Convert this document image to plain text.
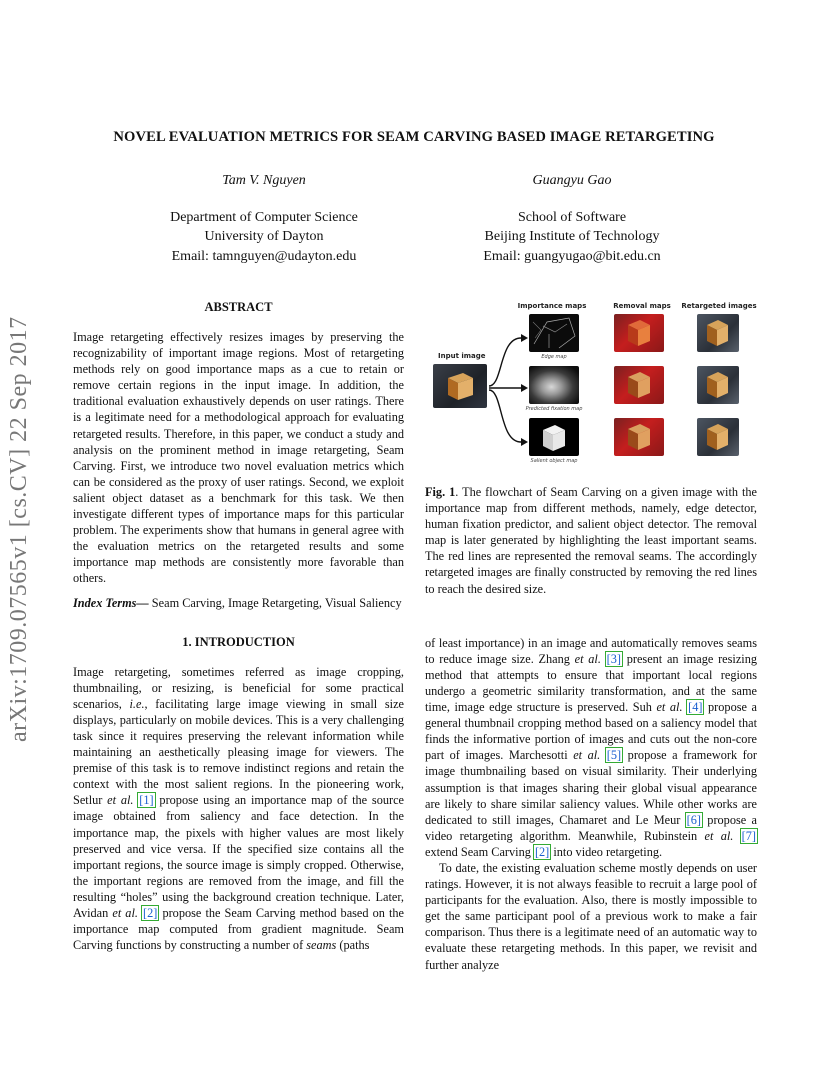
NOVEL EVALUATION METRICS FOR SEAM CARVING BASED IMAGE RETARGETING
Tam V. Nguyen
Department of Computer Science
University of Dayton
Email: tamnguyen@udayton.edu
Guangyu Gao
School of Software
Beijing Institute of Technology
Email: guangyugao@bit.edu.cn
arXiv:1709.07565v1 [cs.CV] 22 Sep 2017
ABSTRACT

Image retargeting effectively resizes images by preserving the recognizability of important image regions. Most of retargeting methods rely on good importance maps as a cue to retain or remove certain regions in the input image. In addition, the traditional evaluation exhaustively depends on user ratings. There is a legitimate need for a methodological approach for evaluating retargeted results. Therefore, in this paper, we conduct a study and analysis on the prominent method in image retargeting, Seam Carving. First, we introduce two novel evaluation metrics which can be considered as the proxy of user ratings. Second, we exploit salient object dataset as a benchmark for this task. We then investigate different types of importance maps for this particular problem. The experiments show that humans in general agree with the evaluation metrics on the retargeted results and some importance map methods are consistently more favorable than others.

Index Terms— Seam Carving, Image Retargeting, Visual Saliency

1. INTRODUCTION

Image retargeting, sometimes referred as image cropping, thumbnailing, or resizing, is beneficial for some practical scenarios, i.e., facilitating large image viewing in small size displays, particularly on mobile devices. This is a very challenging task since it requires preserving the relevant information while maintaining an aesthetically pleasing image for viewers. The premise of this task is to remove indistinct regions and retain the context with the most salient regions. In the pioneering work, Setlur et al. [1] propose using an importance map of the source image obtained from saliency and face detection. In the importance map, the pixels with higher values are most likely preserved and vice versa. If the specified size contains all the important regions, the source image is simply cropped. Otherwise, the important regions are removed from the image, and fill the resulting “holes” using the background creation technique. Later, Avidan et al. [2] propose the Seam Carving method based on the importance map computed from gradient magnitude. Seam Carving functions by constructing a number of seams (paths

Importance maps	Removal maps	Retargeted images
Input image	Edge map
Predicted fixation map
Salient object map

Fig. 1. The flowchart of Seam Carving on a given image with the importance map from different methods, namely, edge detector, human fixation predictor, and salient object detector. The removal map is later generated by highlighting the least important seams. The red lines are represented the removal seams. The accordingly retargeted images are finally constructed by removing the red lines to reach the desired size.

of least importance) in an image and automatically removes seams to reduce image size. Zhang et al. [3] present an image resizing method that attempts to ensure that important local regions undergo a geometric similarity transformation, and at the same time, image edge structure is preserved. Suh et al. [4] propose a general thumbnail cropping method based on a saliency model that finds the informative portion of images and cuts out the non-core part of images. Marchesotti et al. [5] propose a framework for image thumbnailing based on visual similarity. Their underlying assumption is that images sharing their global visual appearance are likely to share similar saliency values. While other works are dedicated to still images, Chamaret and Le Meur [6] propose a video retargeting algorithm. Meanwhile, Rubinstein et al. [7] extend Seam Carving [2] into video retargeting.

To date, the existing evaluation scheme mostly depends on user ratings. However, it is not always feasible to recruit a large pool of participants for the evaluation. Also, there is mostly impossible to get the same participant pool of a previous work to make a fair comparison. Thus there is a legitimate need of an automatic way to evaluate these retargeting methods. In this paper, we revisit and further analyze
